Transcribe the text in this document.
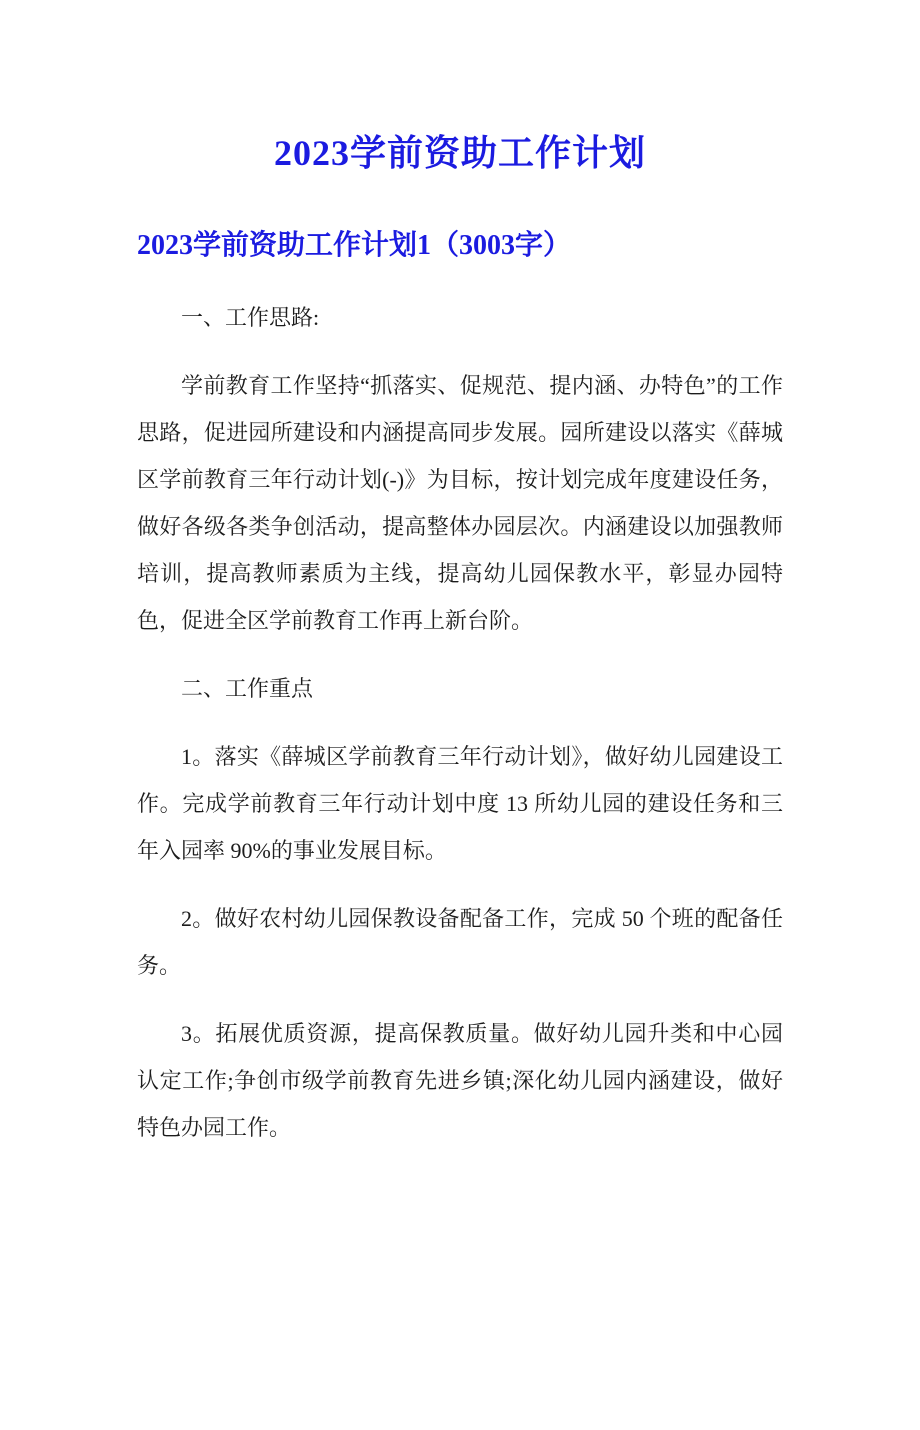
2023学前资助工作计划
2023学前资助工作计划1（3003字）

一、工作思路:

学前教育工作坚持“抓落实、促规范、提内涵、办特色”的工作思路，促进园所建设和内涵提高同步发展。园所建设以落实《薛城区学前教育三年行动计划(-)》为目标，按计划完成年度建设任务，做好各级各类争创活动，提高整体办园层次。内涵建设以加强教师培训，提高教师素质为主线，提高幼儿园保教水平，彰显办园特色，促进全区学前教育工作再上新台阶。

二、工作重点

1。落实《薛城区学前教育三年行动计划》，做好幼儿园建设工作。完成学前教育三年行动计划中度 13 所幼儿园的建设任务和三年入园率 90%的事业发展目标。

2。做好农村幼儿园保教设备配备工作，完成 50 个班的配备任务。

3。拓展优质资源，提高保教质量。做好幼儿园升类和中心园认定工作;争创市级学前教育先进乡镇;深化幼儿园内涵建设，做好特色办园工作。
